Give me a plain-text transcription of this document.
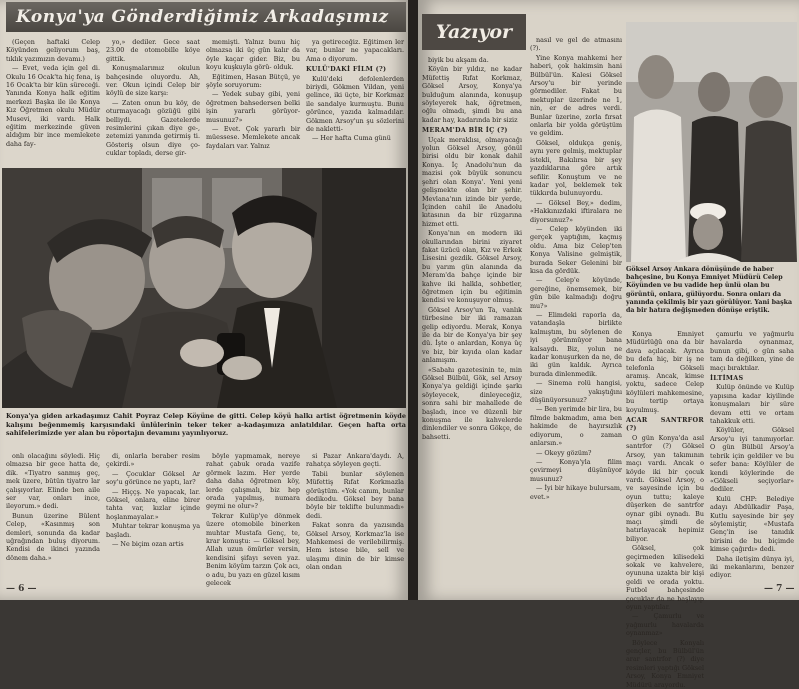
Konya'ya Gönderdiğimiz Arkadaşımız

(Geçen haftaki Celep Köyünden geliyorum baş, tıklık yazımızın devamı.)

— Evet, veda için gel di. Okulu 16 Ocak'ta hiç fena, iş 16 Ocak'ta bir kün süreceği. Yanında Konya halk eğitim merkezi Başka ile ile Konya Kız Öğretmen okulu Müdür Musevi, iki vardı. Halk eğitim merkezinde güven aldığım bir ince memlekete daha fay-

yo,» dediler. Gece saat 23.00 de otomobille köye gittik.

Konuşmalarımız okulun bahçesinde oluyordu. Ah, ver. Okun içindi Celep bir köylü de size karşı:

— Zaten onun bu köy, de oturmayacağı gözüğü gibi belliydi. Gazetelerde resimlerini çıkan diye ge-, zetemizi yanında getirmiş ti. Gösteriş olsun diye ço- cuklar topladı, derse gir-

memişti. Yalnız bunu hiç olmazsa iki üç gün kalır da öyle kaçar gider. Biz, bu koyu kuşkuyla görü- olduk.

Eğitimen, Hasan Bütçü, ye şöyle soruyorum:

— Yedek subay gibi, yeni öğretmen bahsedersen belki işin yararlı görüyor-musunuz?»

— Evet. Çok yararlı bir müessese. Memlekete ancak faydaları var. Yalnız

ya getireceğiz. Eğitimen ler var, bunlar ne yapacakları. Ama o diyorum.

KULÜ'DAKİ FİLM (?)

Kulü'deki defolenlerden biriydi, Gökmen Vildan, yeni gelince, iki üçte, bir Korkmaz ile sandalye kurmuştu. Bunu görünce, yazıda kalmadılar. Gökmen Arsoy'un şu sözlerini de nakletti-

— Her hafta Cuma günü

Konya'ya giden arkadaşımız Cahit Poyraz Celep Köyüne de gitti. Celep köyü halkı artist öğretmenin köyde kalışını beğenmemiş karşısındaki ünlülerinin teker teker a-kadaşımıza anlatıldılar. Geçen hafta orta sahifelerimizde yer alan bu röportajın devamını yayınlıyoruz.

onlı olacağını söyledi. Hiç olmazsa bir gece hatta de, dik. «Tiyatro sanmış geç, mek üzere, bütün tiyatro lar çalışıyorlar. Elinde ben aile ser var, onları ince, ileyorum.» dedi.

Bunun üzerine Bülent Celep, «Kasınmış son demleri, sonunda da kadar uğrağından buluş diyorum. Kendisi de ikinci yazında dönem daha.»

di, onlarla beraber resim çekirdi.»

— Çocuklar Göksel Ar soy'u görünce ne yaptı, lar?

— Hiççş. Ne yapacak, lar. Göksel, onlara, eline birer tahta var, kızlar içinde hoşlanmayalar.»

Muhtar tekrar konuşma ya başladı.

— Ne biçim ozan artis

böyle yapmamak, nereye rahat çabuk orada vazife görmek lazım. Her yerde daha daha öğretmen köy, lerde çalışmalı, biz hep orada yapılmış, numara geymi ne olur»?

Tekrar Kulüp'ye dönmek üzere otomobile binerken muhtar Mustafa Genç, te, krar konuştu: — Göksel bey, Allah uzun ömürler versin, kendisini şifayı seven yaz. Benim köyüm tarzın Çok acı, o adu, bu yazı en güzel kısım gelecek

si Pazar Ankara'daydı. A, rahatça söyleyen geçti.

Tabii bunlar söylenen Müfettiş Rıfat Korkmazla görüştüm. «Yok canım, bunlar dedikodu. Göksel bey bana böyle bir teklifte bulunmadı» dedi.

Fakat sonra da yazısında Göksel Arsoy, Korkmaz'la ise Mahkemesi de verilebilirmiş. Hem istese bile, sell ve ulaşımı dinin de bir kimse olan ondan

— 6 —
Yazıyor

biyik bu akşam da.

Köyün bir yıldız, ne kadar Müfettiş Rıfat Korkmaz, Göksel Arsoy, Konya'ya bulduğum alanında, konuşup söyleyerek hak, öğretmen, oğlu olmadı, şimdi bu ana kadar hay, kadarında bir siziz

MERAM'DA BİR İÇ (?)

Uçak meraklısı, olmayacağı yolun Göksel Arsoy, gönül birisi oldu bir konak dahil Konya. İç Anadolu'nun da mazisi çok büyük sonuncu şehri olan Konya'. Yeni yeni gelişmekte olan bir şehir. Mevlana'nın izinde bir yerde, İçinden cahil ile Anadolu kıtasının da bir rüzgarına hizmet etti.

Konya'nın en modern iki okullarından birini ziyaret fakat üzücü olan, Kız ve Erkek Lisesini gezdik. Göksel Arsoy, bu yarım gün alanında da Meram'da bahçe içinde bir kahve iki halkla, sohbetler, öğretmen için bu eğitimin kendisi ve konuşuyor olmuş.

Göksel Arsoy'un Ta, vanlık türbesine bir iki ramazan gelip ediyordu. Merak, Konya ile da bir de Konya'ya bir şey dü. İşte o anlardan, Konya üç ve biz, bir kıyıda olan kadar anlamışım.

«Sabahı gazetesinin te, min Göksel Bülbül, Gök, sel Arsoy Konya'ya geldiği içinde şarkı söyleyecek, dinleyeceğiz, sonra sahi bir mahallede de başladı, ince ve düzenli bir konuşma ile kahvelerde dinlendiler ve sonra Gökçe, de bahsetti.

nasıl ve gel de atmasını (?).

Yine Konya mahkemi her haberi, çok hakimsin hani Bülbül'ün. Kalesi Göksel Arsoy'u bir yerinde görmediler. Fakat bu mektuplar üzerinde ne 1, nin, er de adres verdi. Bunlar üzerine, zorla fırsat onlarla bir yolda görüştüm ve geldim.

Göksel, oldukça geniş, aynı yere gelmiş, mektuplar istekli, Bakılırsa bir şey yazdıklarına göre artık sefilir. Konuştum ve ne kadar yol, beklemek tek tükkırda bulunuyordu.

— Göksel Bey,» dedim, «Hakkınızdaki iftiralara ne diyorsunuz?»

— Celep köyünden iki gerçek yaptığım, kaçmış oldu. Ama biz Celep'ten Konya Valisine gelmiştik, burada Seker Gelenini bir kısa da gördük.

— Celep'e köyünde, gereğine, önemsemek, bir gün bile kalmadığı doğru mu?»

— Elimdeki raporla da, vatandaşla birlikte kalmıştım, bu söylenen de iyi görünmüyor bana kalsaydı. Biz, yolun ne kadar konuşurken da ne, de iki gün kaldık. Ayrıca burada dinlenmedik.

— Sinema rolü hangisi, size yakıştığını düşünüyorsunuz?

— Ben yerimde bir lira, bu filmde bakmadım, ama ben hakimde de hayırsızlık ediyorum, o zaman anlarsın.»

— Okeyy gözüm?

— Konya'yla filim çevirmeyi düşünüyor musunuz?

— İyi bir hikaye bulursam, evet.»

Göksel Arsoy Ankara dönüşünde de haber bahçesine, bu Konya Emniyet Müdürü Celep Köyünden ve bu vadide hep ünlü olan bu görüntü, onlara, gülüyordu. Sonra onları da yanında çekilmiş bir yazı görülüyor. Yani başka da bir hatıra değişmeden dönüşe eriştik.

Konya Emniyet Müdürlüğü ona da bir dava açılacak. Ayrıca bu defa hiç, bir iş ne telefonla Gökseli aramış. Ancak, kimse yoktu, sadece Celep köylüleri mahkemesine, bu tertip ortaya koyulmuş.

ACAR SANTRFOR (?)

O gün Konya'da asıl santrfor (?) Göksel Arsoy, yan takımının maçı vardı. Ancak o köyde iki bir çocuk vardı. Göksel Arsoy, o ve sayesinde için bu oyun tuttu; kaleye düşerken de santrfor oynar gibi oynadı. Bu maçı şimdi de hatırlayacak hepimiz biliyor.

Göksel, çok geçirmeden kilisedeki sokak ve kahvelere, oyununa uzakta bir kişi geldi ve orada yoktu. Futbol bahçesinde çocuklar da ne başlayıp oyun yaptılar.

— Çamurlu ve yağmurlu havalarda oynanmaz»

Böylece Konyalı gençler, bu Bülbül'ün arar santrfor (?) diye resimleri yaptığı Göksel Arsoy, Konya Emniyet Müdürü arayordu.

çamurlu ve yağmurlu havalarda oynanmaz, bunun gibi, o gün saha tam da değilken, yine de maçı bıraktılar.

İLTİMAS

Kulüp önünde ve Kulüp yapısına kadar kiyilinde konuşmaları bir süre devam etti ve ortam tahakkuk etti.

Köylüler, Göksel Arsoy'u iyi tanımıyorlar. O gün Bülbül Arsoy'a tebrik için geldiler ve bu sefer bana: Köylüler de kendi köylerinde de «Gökseli seçiyorlar» dediler.

Kulü CHP: Belediye adayı Abdülkadir Paşa, Kutlu sayesinde bir şey söylemiştir, «Mustafa Genç'in ise tanıdık birisini de bu biçimde kimse çağırdı» dedi.

Daha iletişim dünya iyi, iki mekanlarını, benzer ediyor.

— 7 —
